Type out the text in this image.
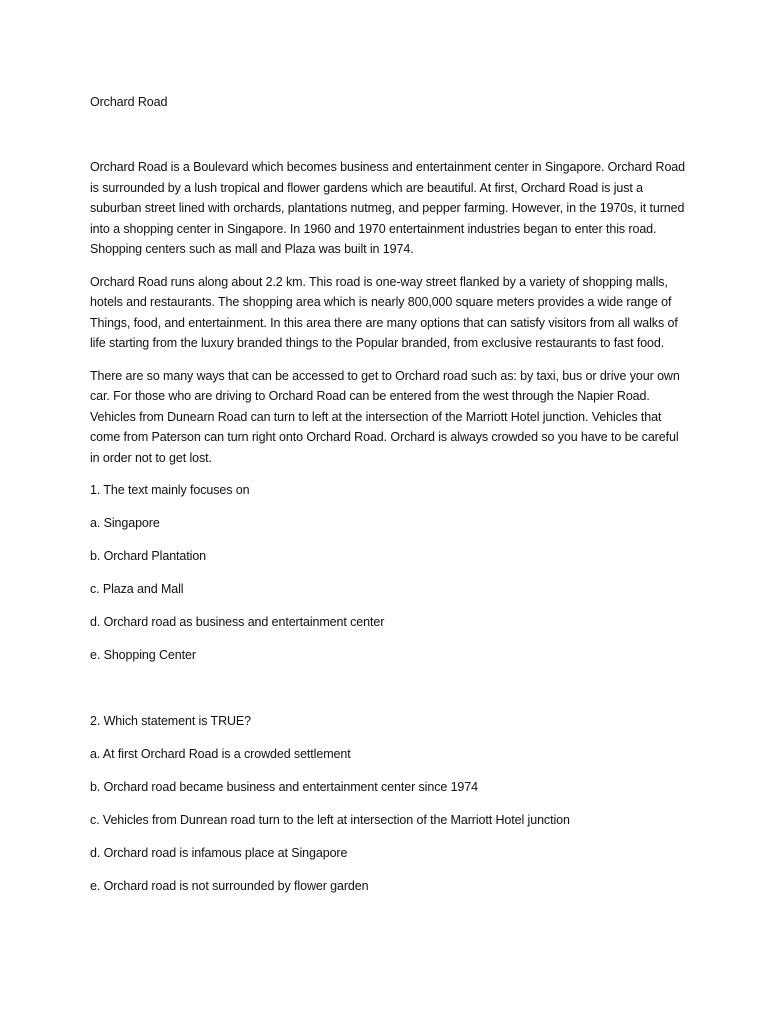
Orchard Road

Orchard Road is a Boulevard which becomes business and entertainment center in Singapore. Orchard Road is surrounded by a lush tropical and flower gardens which are beautiful. At first, Orchard Road is just a suburban street lined with orchards, plantations nutmeg, and pepper farming. However, in the 1970s, it turned into a shopping center in Singapore. In 1960 and 1970 entertainment industries began to enter this road. Shopping centers such as mall and Plaza was built in 1974.

Orchard Road runs along about 2.2 km. This road is one-way street flanked by a variety of shopping malls, hotels and restaurants. The shopping area which is nearly 800,000 square meters provides a wide range of Things, food, and entertainment. In this area there are many options that can satisfy visitors from all walks of life starting from the luxury branded things to the Popular branded, from exclusive restaurants to fast food.

There are so many ways that can be accessed to get to Orchard road such as: by taxi, bus or drive your own car. For those who are driving to Orchard Road can be entered from the west through the Napier Road. Vehicles from Dunearn Road can turn to left at the intersection of the Marriott Hotel junction. Vehicles that come from Paterson can turn right onto Orchard Road. Orchard is always crowded so you have to be careful in order not to get lost.

1. The text mainly focuses on

a. Singapore

b. Orchard Plantation

c. Plaza and Mall

d. Orchard road as business and entertainment center

e. Shopping Center

2. Which statement is TRUE?

a. At first Orchard Road is a crowded settlement

b. Orchard road became business and entertainment center since 1974

c. Vehicles from Dunrean road turn to the left at intersection of the Marriott Hotel junction

d. Orchard road is infamous place at Singapore

e. Orchard road is not surrounded by flower garden
